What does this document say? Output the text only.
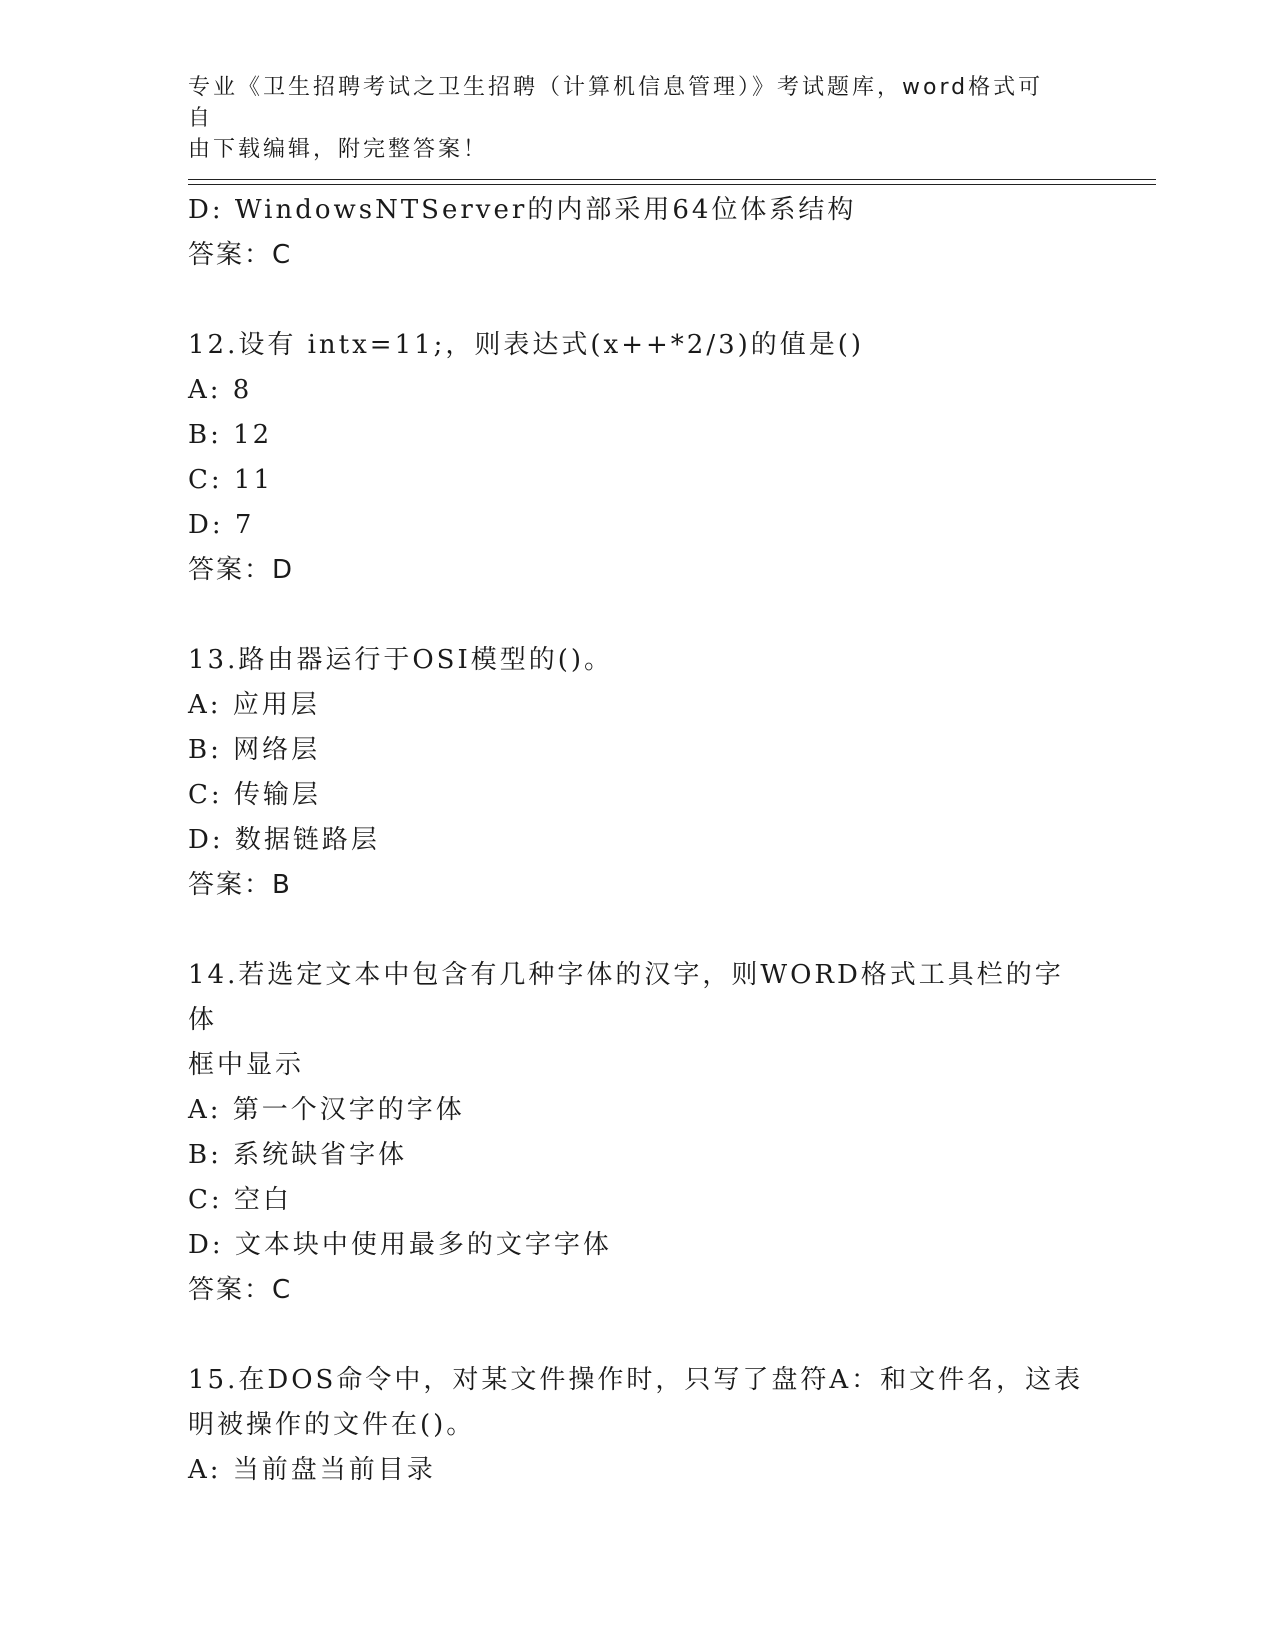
专业《卫生招聘考试之卫生招聘（计算机信息管理）》考试题库，word格式可自
由下载编辑，附完整答案！
D: WindowsNTServer的内部采用64位体系结构
答案：C
12.设有 intx=11;，则表达式(x++*2/3)的值是()
A: 8
B: 12
C: 11
D: 7
答案：D
13.路由器运行于OSI模型的()。
A: 应用层
B: 网络层
C: 传输层
D: 数据链路层
答案：B
14.若选定文本中包含有几种字体的汉字，则WORD格式工具栏的字体
框中显示
A: 第一个汉字的字体
B: 系统缺省字体
C: 空白
D: 文本块中使用最多的文字字体
答案：C
15.在DOS命令中，对某文件操作时，只写了盘符A：和文件名，这表
明被操作的文件在()。
A: 当前盘当前目录
